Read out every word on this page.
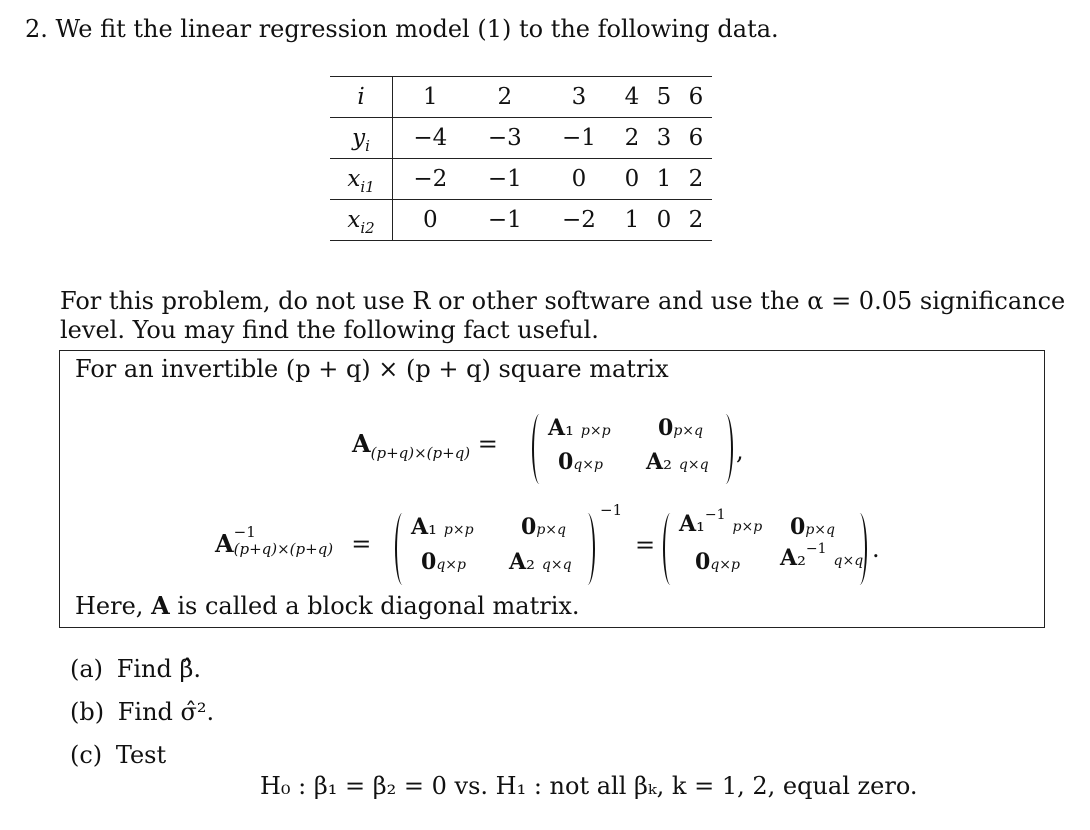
2. We fit the linear regression model (1) to the following data.
i	1	2	3	4	5	6
$y_i$	−4	−3	−1	2	3	6
$x_{i1}$	−2	−1	0	0	1	2
$x_{i2}$	0	−1	−2	1	0	2
For this problem, do not use R or other software and use the α = 0.05 significance
level. You may find the following fact useful.
For an invertible (p + q) × (p + q) square matrix
$A_{(p+q)\times(p+q)}$ =
A₁ p×p 0p×q
0q×p A₂ q×q ,
A −1
(p+q)×(p+q) =
A₁ p×p 0p×q
0q×p A₂ q×q
−1
=
A₁$^{-1}$ p×p 0p×q
0q×p A₂$^{-1}$ q×q .
Here, A is called a block diagonal matrix.
(a) Find β̂.
(b) Find σ̂².
(c) Test
H₀ : β₁ = β₂ = 0 vs. H₁ : not all βₖ, k = 1, 2, equal zero.
